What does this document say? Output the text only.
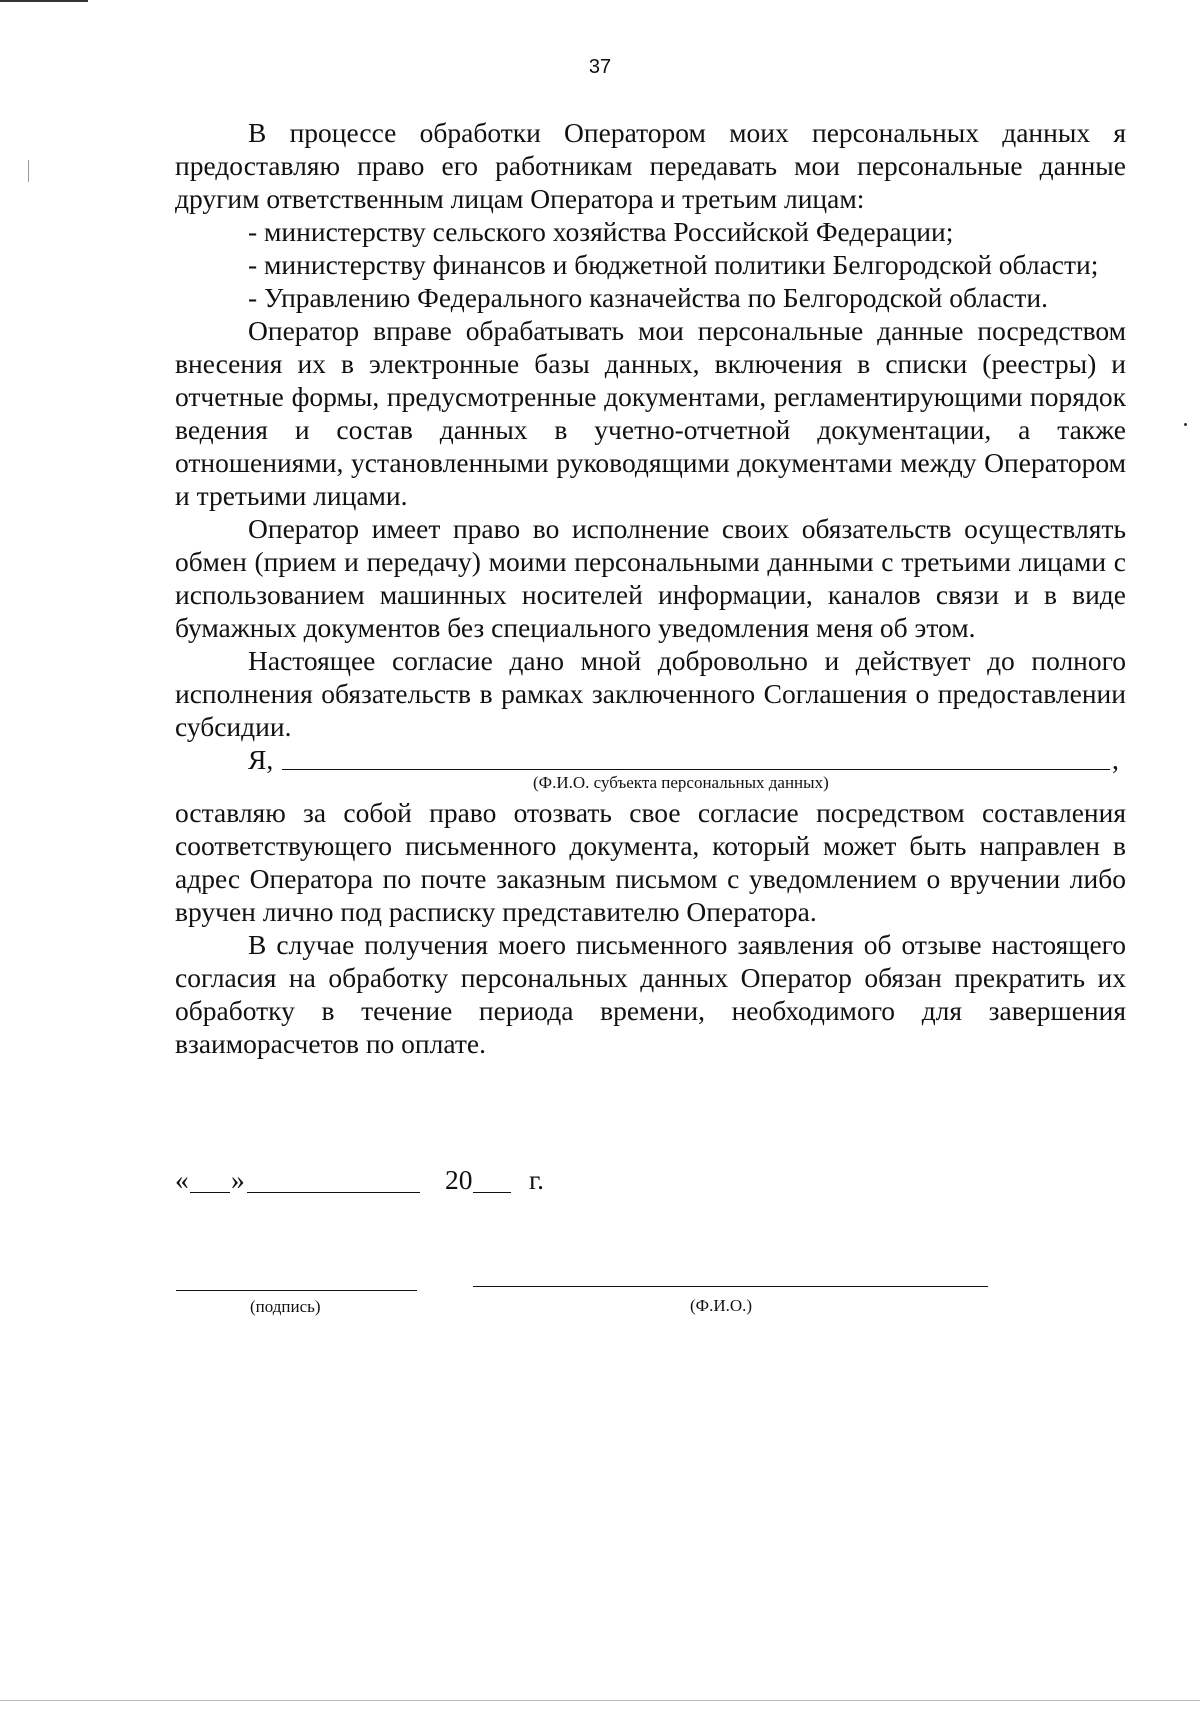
37

В процессе обработки Оператором моих персональных данных я предоставляю право его работникам передавать мои персональные данные другим ответственным лицам Оператора и третьим лицам:

- министерству сельского хозяйства Российской Федерации;

- министерству финансов и бюджетной политики Белгородской области;

- Управлению Федерального казначейства по Белгородской области.

Оператор вправе обрабатывать мои персональные данные посредством внесения их в электронные базы данных, включения в списки (реестры) и отчетные формы, предусмотренные документами, регламентирующими порядок ведения и состав данных в учетно-отчетной документации, а также отношениями, установленными руководящими документами между Оператором и третьими лицами.

Оператор имеет право во исполнение своих обязательств осуществлять обмен (прием и передачу) моими персональными данными с третьими лицами с использованием машинных носителей информации, каналов связи и в виде бумажных документов без специального уведомления меня об этом.

Настоящее согласие дано мной добровольно и действует до полного исполнения обязательств в рамках заключенного Соглашения о предоставлении субсидии.

Я,	,
(Ф.И.О. субъекта персональных данных)

оставляю за собой право отозвать свое согласие посредством составления соответствующего письменного документа, который может быть направлен в адрес Оператора по почте заказным письмом с уведомлением о вручении либо вручен лично под расписку представителю Оператора.

В случае получения моего письменного заявления об отзыве настоящего согласия на обработку персональных данных Оператор обязан прекратить их обработку в течение периода времени, необходимого для завершения взаиморасчетов по оплате.

« »	20 г.
(подпись)	(Ф.И.О.)
